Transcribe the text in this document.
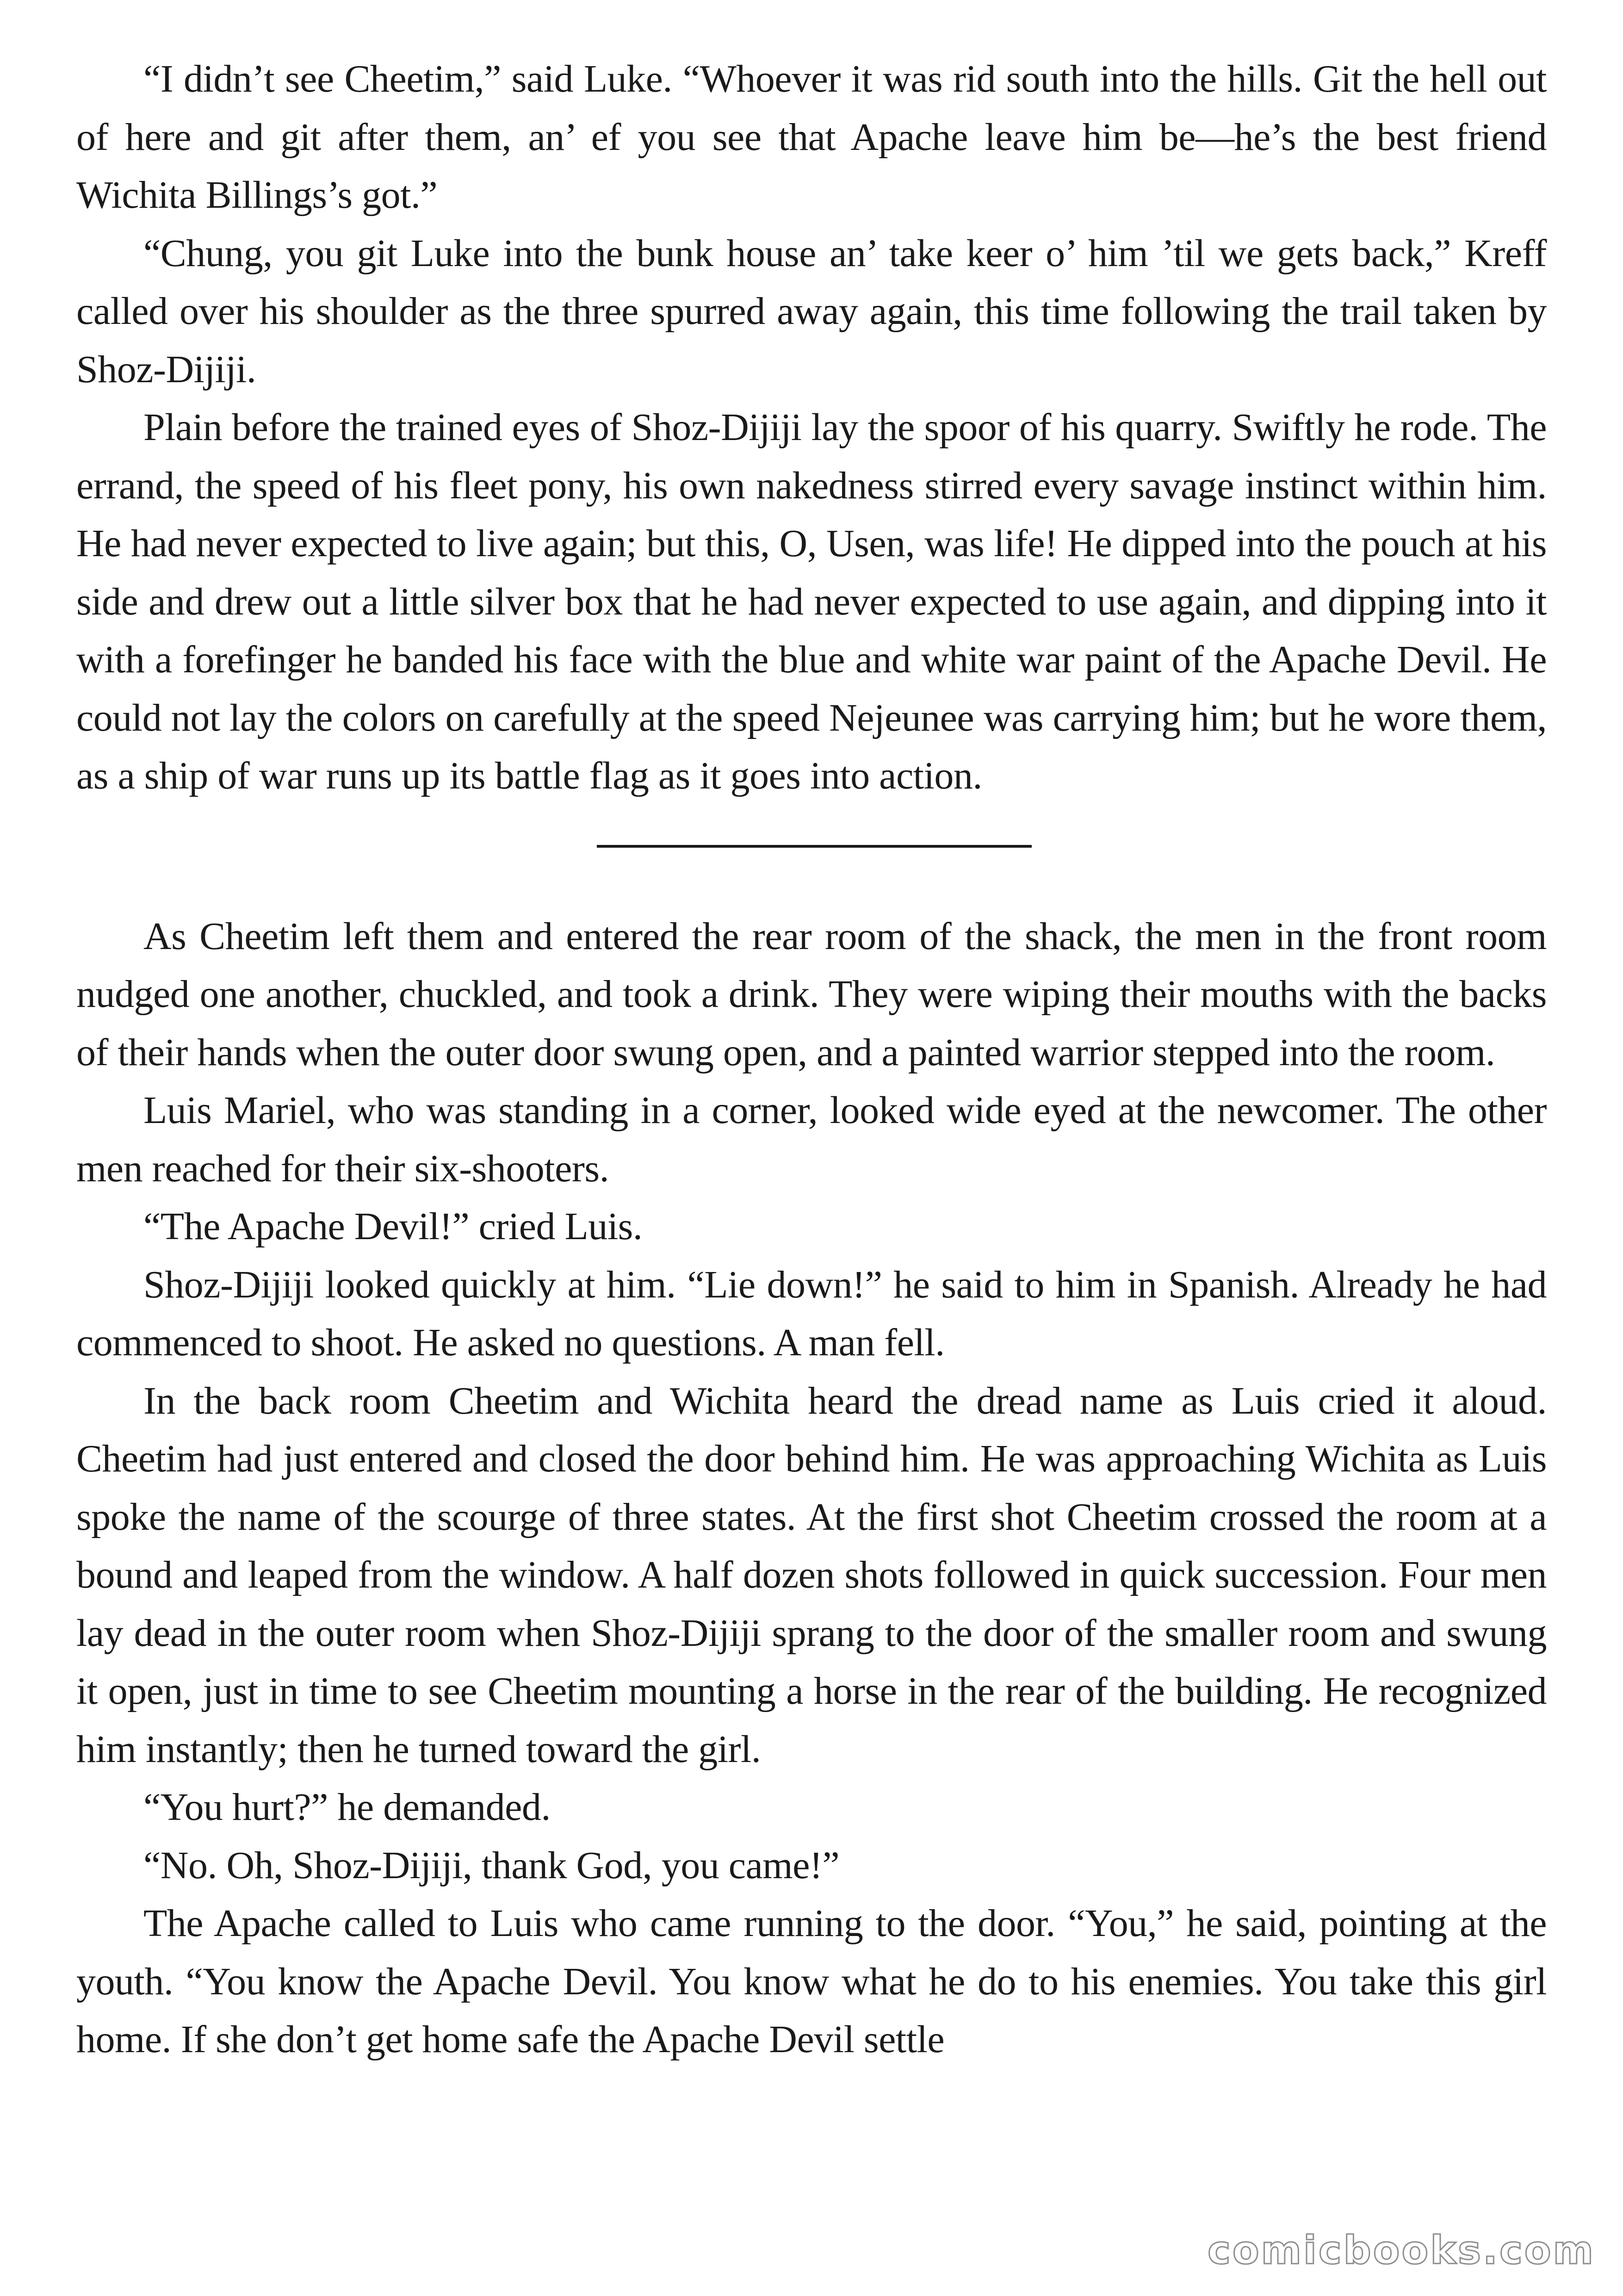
“I didn’t see Cheetim,” said Luke. “Whoever it was rid south into the hills. Git the hell out of here and git after them, an’ ef you see that Apache leave him be—he’s the best friend Wichita Billings’s got.”

“Chung, you git Luke into the bunk house an’ take keer o’ him ’til we gets back,” Kreff called over his shoulder as the three spurred away again, this time following the trail taken by Shoz-Dijiji.

Plain before the trained eyes of Shoz-Dijiji lay the spoor of his quarry. Swiftly he rode. The errand, the speed of his fleet pony, his own nakedness stirred every savage instinct within him. He had never expected to live again; but this, O, Usen, was life! He dipped into the pouch at his side and drew out a little silver box that he had never expected to use again, and dipping into it with a forefinger he banded his face with the blue and white war paint of the Apache Devil. He could not lay the colors on carefully at the speed Nejeunee was carrying him; but he wore them, as a ship of war runs up its battle flag as it goes into action.

As Cheetim left them and entered the rear room of the shack, the men in the front room nudged one another, chuckled, and took a drink. They were wiping their mouths with the backs of their hands when the outer door swung open, and a painted warrior stepped into the room.

Luis Mariel, who was standing in a corner, looked wide eyed at the newcomer. The other men reached for their six-shooters.

“The Apache Devil!” cried Luis.

Shoz-Dijiji looked quickly at him. “Lie down!” he said to him in Spanish. Already he had commenced to shoot. He asked no questions. A man fell.

In the back room Cheetim and Wichita heard the dread name as Luis cried it aloud. Cheetim had just entered and closed the door behind him. He was approaching Wichita as Luis spoke the name of the scourge of three states. At the first shot Cheetim crossed the room at a bound and leaped from the window. A half dozen shots followed in quick succession. Four men lay dead in the outer room when Shoz-Dijiji sprang to the door of the smaller room and swung it open, just in time to see Cheetim mounting a horse in the rear of the building. He recognized him instantly; then he turned toward the girl.

“You hurt?” he demanded.

“No. Oh, Shoz-Dijiji, thank God, you came!”

The Apache called to Luis who came running to the door. “You,” he said, pointing at the youth. “You know the Apache Devil. You know what he do to his enemies. You take this girl home. If she don’t get home safe the Apache Devil settle

comicbooks.com
